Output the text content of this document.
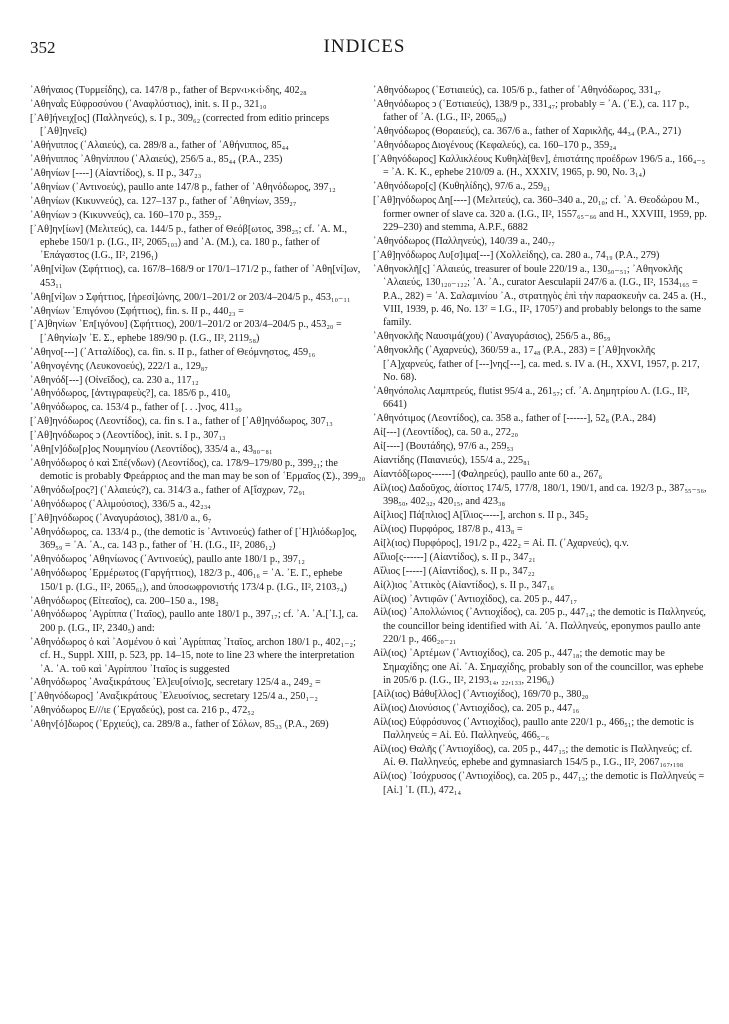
352	INDICES

᾿Αθήναιος (Τυρμείδης), ca. 147/8 p., father of Βερν‹ι›κ‹ί›δης, 402₂₈

᾿Αθηναῒς Εὐφροσύνου (᾿Αναφλύστιος), init. s. II p., 321₁₀

[᾿Αθ]ήνειχ[ος] (Παλληνεύς), s. I p., 309₆₂ (corrected from editio princeps [᾿Αθ]ηνεῖς)

᾿Αθήνιππος (῾Αλαιεύς), ca. 289/8 a., father of ᾿Αθήνιππος, 85₄₄

᾿Αθήνιππος ᾿Αθηνίππου (῾Αλαιεύς), 256/5 a., 85₄₄ (P.A., 235)

᾿Αθηνίων [----] (Αἰαντίδος), s. II p., 347₂₃

᾿Αθηνίων (᾿Αντινοεύς), paullo ante 147/8 p., father of ᾿Αθηνόδωρος, 397₁₂

᾿Αθηνίων (Κικυννεύς), ca. 127–137 p., father of ᾿Αθηνίων, 359₂₇

᾿Αθηνίων ͻ (Κικυννεύς), ca. 160–170 p., 359₂₇

[᾿Αθ]ην[ίων] (Μελιτεύς), ca. 144/5 p., father of Θεόβ[ωτος, 398₂₅; cf. ᾿Α. Μ., ephebe 150/1 p. (I.G., II², 2065₁₀₃) and ᾿Α. (Μ.), ca. 180 p., father of ᾿Επάγαστος (I.G., II², 2196₁)

᾿Αθη[νί]ων (Σφήττιος), ca. 167/8–168/9 or 170/1–171/2 p., father of ᾿Αθη[νί]ων, 453₁₁

᾿Αθη[νί]ων ͻ Σφήττιος, [ἡρεσί]ώνης, 200/1–201/2 or 203/4–204/5 p., 453₁₀₋₁₁

᾿Αθηνίων ᾿Επιγόνου (Σφήττιος), fin. s. II p., 440₂₃ =

[᾿Α]θηνίων ᾿Επ[ιγόνου] (Σφήττιος), 200/1–201/2 or 203/4–204/5 p., 453₂₀ = [᾿Αθηνίω]ν ᾿Ε. Σ., ephebe 189/90 p. (I.G., II², 2119₅₈)

᾿Αθηνο[---] (᾿Ατταλίδος), ca. fin. s. II p., father of Θεόμνηστος, 459₁₆

᾿Αθηνογένης (Λευκονοεύς), 222/1 a., 129₈₇

᾿Αθηνόδ[---] (Οἰνεῖδος), ca. 230 a., 117₁₂

᾿Αθηνόδωρος, [ἀντιγραφεὺς?], ca. 185/6 p., 410₉

᾿Αθηνόδωρος, ca. 153/4 p., father of [. . .]νος, 411₃₀

[᾿Αθ]ηνόδωρος (Λεοντίδος), ca. fin s. I a., father of [᾿Αθ]ηνόδωρος, 307₁₃

[᾿Αθ]ηνόδωρος ͻ (Λεοντίδος), init. s. I p., 307₁₃

᾿Αθη[ν]όδω[ρ]ος Νουμηνίου (Λεοντίδος), 335/4 a., 43₈₀₋₈₁

᾿Αθηνόδωρος ὁ καὶ Σπέ(νδων) (Λεοντίδος), ca. 178/9–179/80 p., 399₂₁; the demotic is probably Φρεάρριος and the man may be son of ῾Ερμαῖος (Σ)., 399₂₀

᾿Αθηνόδω[ρος?] (῾Αλαιεύς?), ca. 314/3 a., father of Α[ἴσχρων, 72₉₁

᾿Αθηνόδωρος (῾Αλιμούσιος), 336/5 a., 42₂₃₄

[᾿Αθ]ηνόδωρος (᾿Αναγυράσιος), 381/0 a., 6₇

᾿Αθηνόδωρος, ca. 133/4 p., (the demotic is ᾿Αντινοεύς) father of [῾Η]λιόδωρ]ος, 369₅₉ = ᾿Α. ᾿Α., ca. 143 p., father of ῾Η. (I.G., II², 2086₁₂)

᾿Αθηνόδωρος ᾿Αθηνίωνος (᾿Αντινοεύς), paullo ante 180/1 p., 397₁₂

᾿Αθηνόδωρος ῾Ερμέρωτος (Γαργήττιος), 182/3 p., 406₁₆ = ᾿Α. ᾿Ε. Γ., ephebe 150/1 p. (I.G., II², 2065₆₁), and ὑποσωφρονιστής 173/4 p. (I.G., II², 2103₇₄)

᾿Αθηνόδωρος (Εἰτεαῖος), ca. 200–150 a., 198₂

᾿Αθηνόδωρος ᾿Αγρίππα (᾿Ιταῖος), paullo ante 180/1 p., 397₁₇; cf. ᾿Α. ᾿Α.[᾿Ι.], ca. 200 p. (I.G., II², 2340₅) and:

᾿Αθηνόδωρος ὁ καὶ ᾿Ασμένου ὁ καὶ ᾿Αγρίππας ᾿Ιταῖος, archon 180/1 p., 402₁₋₂; cf. H., Suppl. XIII, p. 523, pp. 14–15, note to line 23 where the interpretation ᾿Α. ᾿Α. τοῦ καὶ ᾿Αγρίππου ᾿Ιταῖος is suggested

᾿Αθηνόδωρος ᾿Αναξικράτους ᾿Ελ]ευ[σίνιο]ς, secretary 125/4 a., 249₂ =

[᾿Αθηνόδωρος] ᾿Αναξικράτους ᾿Ελευσίνιος, secretary 125/4 a., 250₁₋₂

᾿Αθηνόδωρος Ε///ιε (᾿Εργαδεύς), post ca. 216 p., 472₅₂

᾿Αθην[ό]δωρος (᾿Ερχιεύς), ca. 289/8 a., father of Σόλων, 85₃₃ (P.A., 269)

᾿Αθηνόδωρος (῾Εστιαιεύς), ca. 105/6 p., father of ᾿Αθηνόδωρος, 331₄₇

᾿Αθηνόδωρος ͻ (῾Εστιαιεύς), 138/9 p., 331₄₇; probably = ᾿Α. (᾿Ε.), ca. 117 p., father of ᾿Α. (I.G., II², 2065₆₀)

᾿Αθηνόδωρος (Θοραιεύς), ca. 367/6 a., father of Χαρικλῆς, 44₃₄ (P.A., 271)

᾿Αθηνόδωρος Διογένους (Κεφαλεύς), ca. 160–170 p., 359₂₄

[᾿Αθηνόδωρος] Καλλικλέους Κυθηλὰ[θεν], ἐπιστάτης προέδρων 196/5 a., 166₄₋₅ = ᾿Α. Κ. Κ., ephebe 210/09 a. (H., XXXIV, 1965, p. 90, No. 3₁₄)

᾿Αθηνόδωρο[ς] (Κυθηλίδης), 97/6 a., 259₆₁

[᾿Αθ]ηνόδωρος Δη[----] (Μελιτεύς), ca. 360–340 a., 20₁₀; cf. ᾿Α. Θεοδώρου Μ., former owner of slave ca. 320 a. (I.G., II², 1557₆₅₋₆₆ and H., XXVIII, 1959, pp. 229–230) and stemma, A.P.F., 6882

᾿Αθηνόδωρος (Παλληνεύς), 140/39 a., 240₇₇

[᾿Αθ]ηνόδωρος Λυ[σ]ιμα[---] (Χολλείδης), ca. 280 a., 74₁₉ (P.A., 279)

᾿Αθηνοκλῆ[ς] ῾Αλαιεύς, treasurer of boule 220/19 a., 130₅₀₋₅₁; ᾿Αθηνοκλῆς ῾Αλαιεύς, 130₁₂₀₋₁₂₂; ᾿Α. ᾿Α., curator Aesculapii 247/6 a. (I.G., II², 1534₁₆₅ = P.A., 282) = ᾿Α. Σαλαμινίου ᾿Α., στρατηγὸς ἐπὶ τὴν παρασκευὴν ca. 245 a. (H., VIII, 1939, p. 46, No. 13⁷ = I.G., II², 1705⁷) and probably belongs to the same family.

᾿Αθηνοκλῆς Ναυσιμά(χου) (᾿Αναγυράσιος), 256/5 a., 86₅₉

᾿Αθηνοκλῆς (᾿Αχαρνεύς), 360/59 a., 17₄₈ (P.A., 283) = [᾿Αθ]ηνοκλῆς [᾿Α]χαρνεύς, father of [---]νης[---], ca. med. s. IV a. (H., XXVI, 1957, p. 217, No. 68).

᾿Αθηνόπολις Λαμπτρεύς, flutist 95/4 a., 261₅₇; cf. ᾿Α. Δημητρίου Λ. (I.G., II², 6641)

᾿Αθηνότιμος (Λεοντίδος), ca. 358 a., father of [------], 52₈ (P.A., 284)

Αἰ[---] (Λεοντίδος), ca. 50 a., 272₂₀

Αἰ[----] (Βουτάδης), 97/6 a., 259₅₃

Αἰαντίδης (Παιανιεύς), 155/4 a., 225₈₁

Αἰαντόδ[ωρος------] (Φαληρεύς), paullo ante 60 a., 267₆

Αἰλ(ιος) Δαδοῦχος, ἀίσιτος 174/5, 177/8, 180/1, 190/1, and ca. 192/3 p., 387₅₅₋₅₆, 398₅₀, 402₃₂, 420₁₅, and 423₃₈

Αἰ[λιος] Πά[πλιος] Α[ἴλιος-----], archon s. II p., 345₂

Αἰλ(ιος) Πυρφόρος, 187/8 p., 413₈ =

Αἰ[λ(ιος) Πυρφόρος], 191/2 p., 422₂ = Αἰ. Π. (᾿Αχαρνεύς), q.v.

Αἴλιο[ς------] (Αἰαντίδος), s. II p., 347₂₁

Αἴλιος [-----] (Αἰαντίδος), s. II p., 347₂₂

Αἰ(λ)ιος ᾿Αττικὸς (Αἰαντίδος), s. II p., 347₁₆

Αἰλ(ιος) ᾿Αντιφῶν (᾿Αντιοχίδος), ca. 205 p., 447₁₇

Αἰλ(ιος) ᾿Απολλώνιος (᾿Αντιοχίδος), ca. 205 p., 447₁₄; the demotic is Παλληνεύς, the councillor being identified with Αἰ. ᾿Α. Παλληνεύς, eponymos paullo ante 220/1 p., 466₂₀₋₂₁

Αἰλ(ιος) ᾿Αρτέμων (᾿Αντιοχίδος), ca. 205 p., 447₁₈; the demotic may be Σημαχίδης; one Αἰ. ᾿Α. Σημαχίδης, probably son of the councillor, was ephebe in 205/6 p. (I.G., II², 2193₁₄, ₂₂,₁₃₃, 2196₆)

[Αἰλ(ιος) Βάθυ[λλος] (᾿Αντιοχίδος), 169/70 p., 380₂₀

Αἰλ(ιος) Διονύσιος (᾿Αντιοχίδος), ca. 205 p., 447₁₆

Αἰλ(ιος) Εὐφρόσυνος (᾿Αντιοχίδος), paullo ante 220/1 p., 466₅₁; the demotic is Παλληνεύς = Αἰ. Εὐ. Παλληνεύς, 466₅₋₆

Αἰλ(ιος) Θαλῆς (᾿Αντιοχίδος), ca. 205 p., 447₁₅; the demotic is Παλληνεύς; cf. Αἰ. Θ. Παλληνεύς, ephebe and gymnasiarch 154/5 p., I.G., II², 2067₁₆₇,₁₉₈

Αἰλ(ιος) ᾿Ισόχρυσος (᾿Αντιοχίδος), ca. 205 p., 447₁₃; the demotic is Παλληνεύς = [Αἰ.] ᾿Ι. (Π.), 472₁₄
